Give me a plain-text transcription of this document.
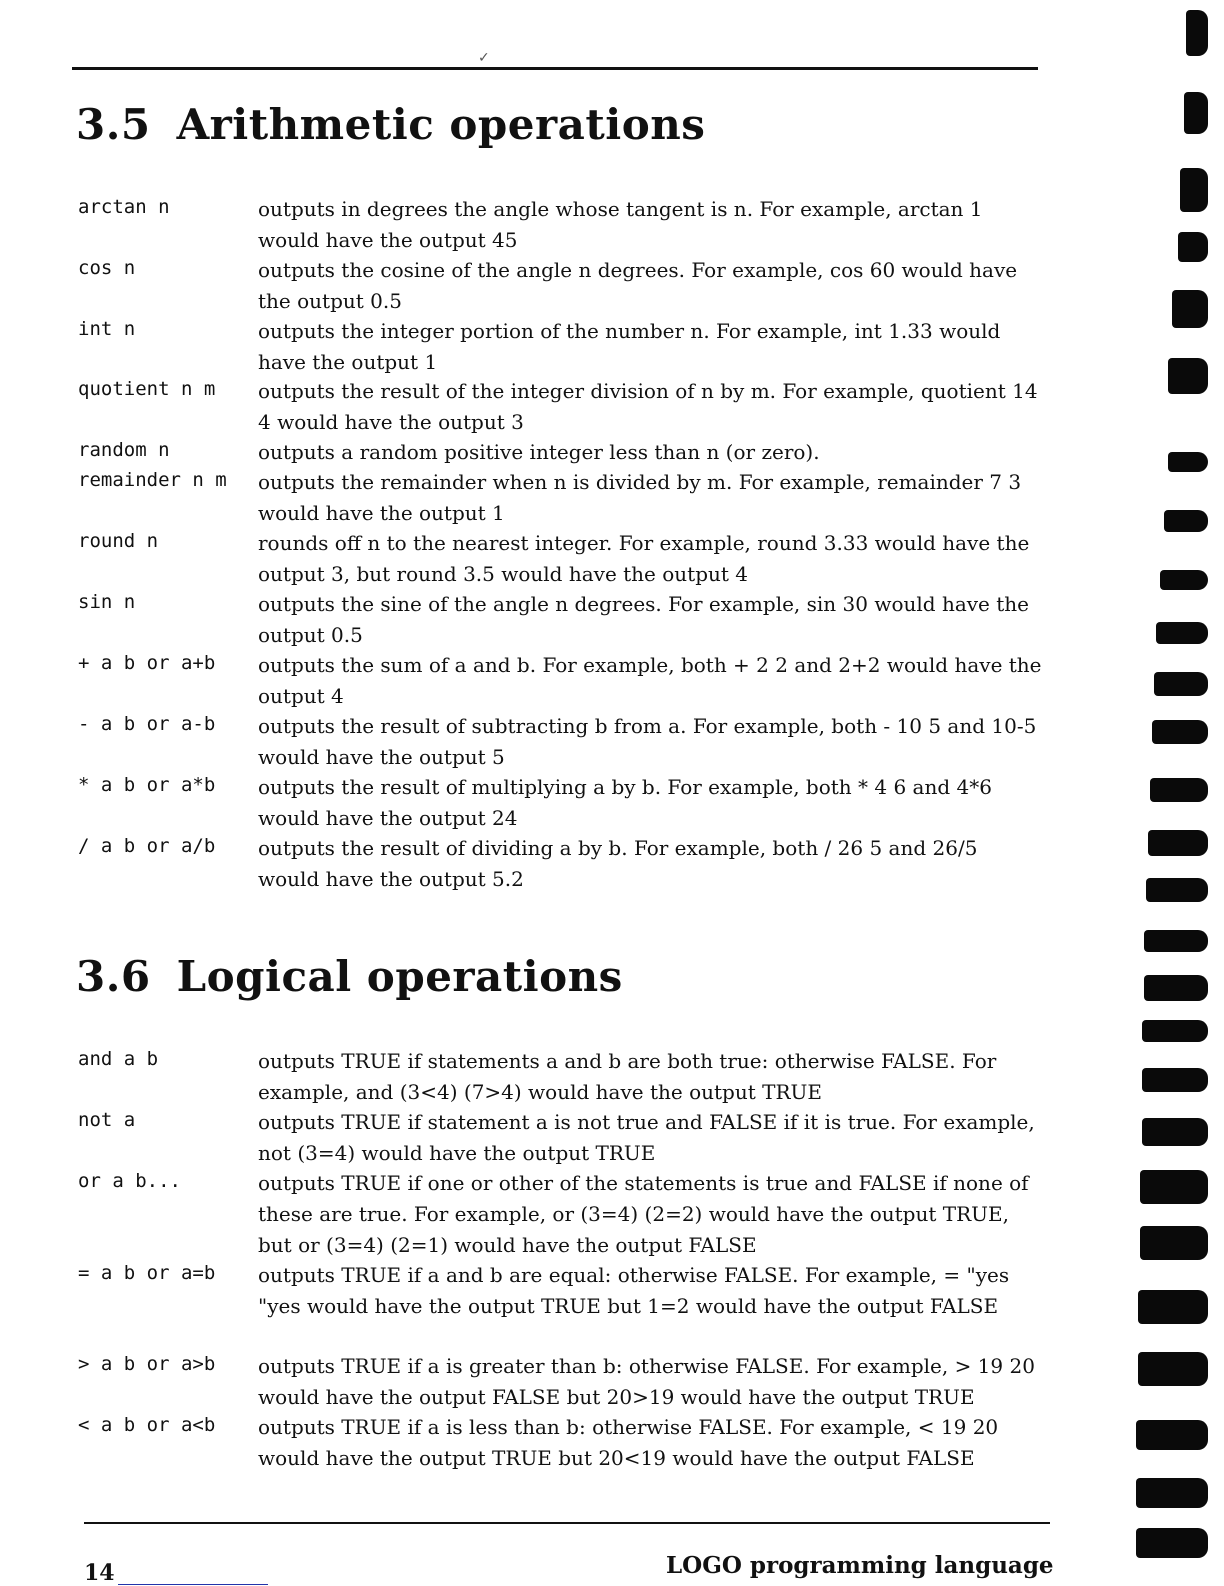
✓
3.5 Arithmetic operations
arctan n	outputs in degrees the angle whose tangent is n. For example, arctan 1 would have the output 45
cos n	outputs the cosine of the angle n degrees. For example, cos 60 would have the output 0.5
int n	outputs the integer portion of the number n. For example, int 1.33 would have the output 1
quotient n m	outputs the result of the integer division of n by m. For example, quotient 14 4 would have the output 3
random n	outputs a random positive integer less than n (or zero).
remainder n m	outputs the remainder when n is divided by m. For example, remainder 7 3 would have the output 1
round n	rounds off n to the nearest integer. For example, round 3.33 would have the output 3, but round 3.5 would have the output 4
sin n	outputs the sine of the angle n degrees. For example, sin 30 would have the output 0.5
+ a b or a+b	outputs the sum of a and b. For example, both + 2 2 and 2+2 would have the output 4
- a b or a-b	outputs the result of subtracting b from a. For example, both - 10 5 and 10-5 would have the output 5
* a b or a*b	outputs the result of multiplying a by b. For example, both * 4 6 and 4*6 would have the output 24
/ a b or a/b	outputs the result of dividing a by b. For example, both / 26 5 and 26/5 would have the output 5.2
3.6 Logical operations
and a b	outputs TRUE if statements a and b are both true: otherwise FALSE. For example, and (3<4) (7>4) would have the output TRUE
not a	outputs TRUE if statement a is not true and FALSE if it is true. For example, not (3=4) would have the output TRUE
or a b...	outputs TRUE if one or other of the statements is true and FALSE if none of these are true. For example, or (3=4) (2=2) would have the output TRUE, but or (3=4) (2=1) would have the output FALSE
= a b or a=b	outputs TRUE if a and b are equal: otherwise FALSE. For example, = "yes "yes would have the output TRUE but 1=2 would have the output FALSE
> a b or a>b	outputs TRUE if a is greater than b: otherwise FALSE. For example, > 19 20 would have the output FALSE but 20>19 would have the output TRUE
< a b or a<b	outputs TRUE if a is less than b: otherwise FALSE. For example, < 19 20 would have the output TRUE but 20<19 would have the output FALSE
14	LOGO programming language
